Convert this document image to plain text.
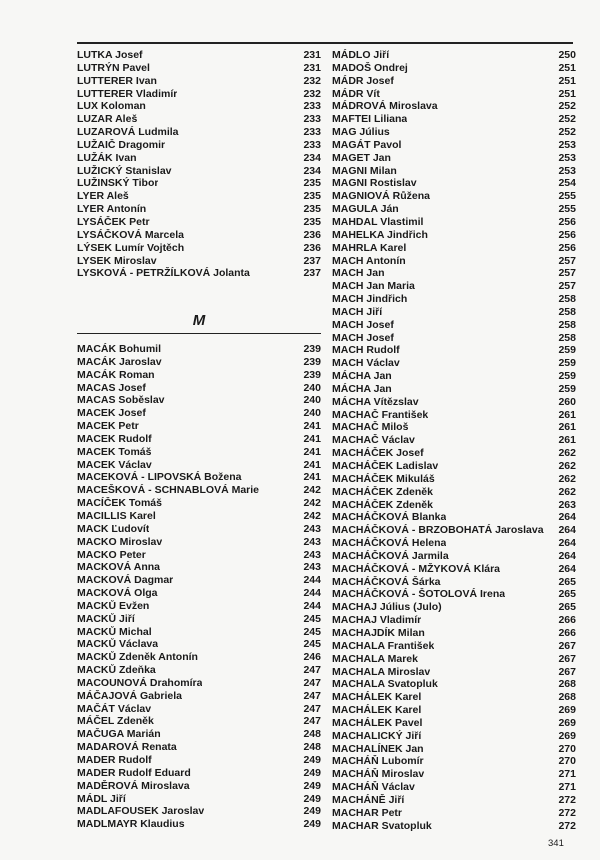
LUTKA Josef	231
LUTRÝN Pavel	231
LUTTERER Ivan	232
LUTTERER Vladimír	232
LUX Koloman	233
LUZAR Aleš	233
LUZAROVÁ Ludmila	233
LUŽAIČ Dragomir	233
LUŽÁK Ivan	234
LUŽICKÝ Stanislav	234
LUŽINSKÝ Tibor	235
LYER Aleš	235
LYER Antonín	235
LYSÁČEK Petr	235
LYSÁČKOVÁ Marcela	236
LÝSEK Lumír Vojtěch	236
LYSEK Miroslav	237
LYSKOVÁ - PETRŽÍLKOVÁ Jolanta	237
M
MACÁK Bohumil	239
MACÁK Jaroslav	239
MACÁK Roman	239
MACAS Josef	240
MACAS Soběslav	240
MACEK Josef	240
MACEK Petr	241
MACEK Rudolf	241
MACEK Tomáš	241
MACEK Václav	241
MACEKOVÁ - LIPOVSKÁ Božena	241
MACEŠKOVÁ - SCHNABLOVÁ Marie	242
MACÍČEK Tomáš	242
MACILLIS Karel	242
MACK Ľudovít	243
MACKO Miroslav	243
MACKO Peter	243
MACKOVÁ Anna	243
MACKOVÁ Dagmar	244
MACKOVÁ Olga	244
MACKŮ Evžen	244
MACKŮ Jiří	245
MACKŮ Michal	245
MACKŮ Václava	245
MACKŮ Zdeněk Antonín	246
MACKŮ Zdeňka	247
MACOUNOVÁ Drahomíra	247
MÁČAJOVÁ Gabriela	247
MAČÁT Václav	247
MÁČEL Zdeněk	247
MAČUGA Marián	248
MADAROVÁ Renata	248
MADER Rudolf	249
MADER Rudolf Eduard	249
MADĚROVÁ Miroslava	249
MÁDL Jiří	249
MADLAFOUSEK Jaroslav	249
MADLMAYR Klaudius	249
MÁDLO Jiří	250
MADOŠ Ondrej	251
MÁDR Josef	251
MÁDR Vít	251
MÁDROVÁ Miroslava	252
MAFTEI Liliana	252
MAG Július	252
MAGÁT Pavol	253
MAGET Jan	253
MAGNI Milan	253
MAGNI Rostislav	254
MAGNIOVÁ Růžena	255
MAGULA Ján	255
MAHDAL Vlastimil	256
MAHELKA Jindřich	256
MAHRLA Karel	256
MACH Antonín	257
MACH Jan	257
MACH Jan Maria	257
MACH Jindřich	258
MACH Jiří	258
MACH Josef	258
MACH Josef	258
MACH Rudolf	259
MACH Václav	259
MÁCHA Jan	259
MÁCHA Jan	259
MÁCHA Vítězslav	260
MACHAČ František	261
MACHAČ Miloš	261
MACHAČ Václav	261
MACHÁČEK Josef	262
MACHÁČEK Ladislav	262
MACHÁČEK Mikuláš	262
MACHÁČEK Zdeněk	262
MACHÁČEK Zdeněk	263
MACHÁČKOVÁ Blanka	264
MACHÁČKOVÁ - BRZOBOHATÁ Jaroslava	264
MACHÁČKOVÁ Helena	264
MACHÁČKOVÁ Jarmila	264
MACHÁČKOVÁ - MŽYKOVÁ Klára	264
MACHÁČKOVÁ Šárka	265
MACHÁČKOVÁ - ŠOTOLOVÁ Irena	265
MACHAJ Július (Julo)	265
MACHAJ Vladimír	266
MACHAJDÍK Milan	266
MACHALA František	267
MACHALA Marek	267
MACHALA Miroslav	267
MACHALA Svatopluk	268
MACHÁLEK Karel	268
MACHÁLEK Karel	269
MACHÁLEK Pavel	269
MACHALICKÝ Jiří	269
MACHALÍNEK Jan	270
MACHÁŇ Lubomír	270
MACHÁŇ Miroslav	271
MACHÁŇ Václav	271
MACHÁNĚ Jiří	272
MACHAR Petr	272
MACHAR Svatopluk	272
341
